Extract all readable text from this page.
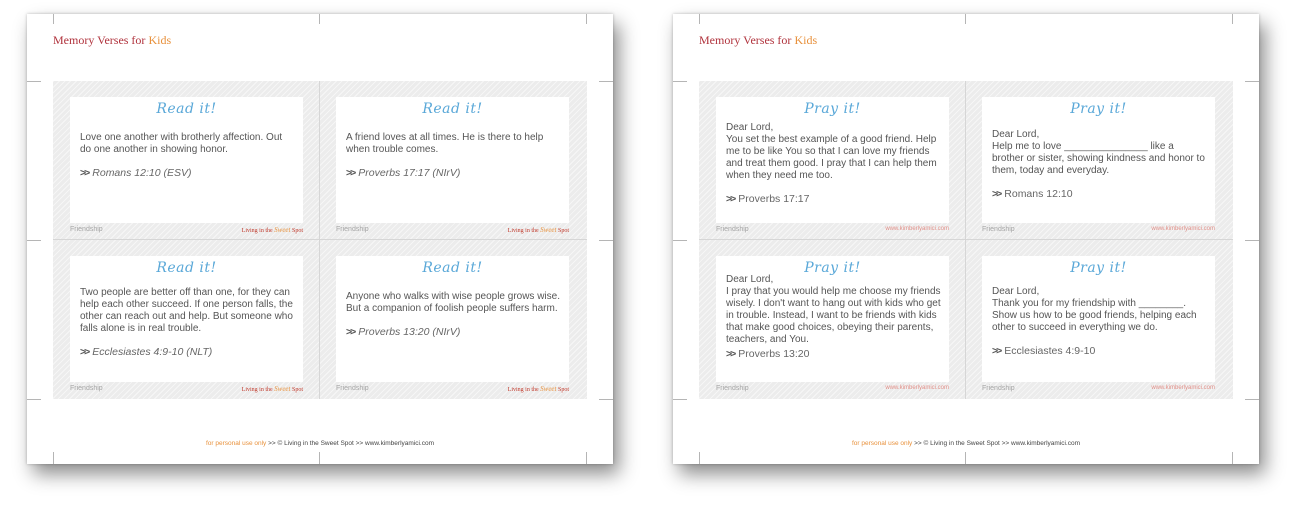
Memory Verses for Kids
Read it!
Love one another with brotherly affection. Out do one another in showing honor.
>> Romans 12:10 (ESV)
Friendship	Living in the Sweet Spot
Read it!
A friend loves at all times. He is there to help when trouble comes.
>> Proverbs 17:17 (NIrV)
Friendship	Living in the Sweet Spot
Read it!
Two people are better off than one, for they can help each other succeed. If one person falls, the other can reach out and help. But someone who falls alone is in real trouble.
>> Ecclesiastes 4:9-10 (NLT)
Friendship	Living in the Sweet Spot
Read it!
Anyone who walks with wise people grows wise. But a companion of foolish people suffers harm.
>> Proverbs 13:20 (NIrV)
Friendship	Living in the Sweet Spot
for personal use only >> © Living in the Sweet Spot >> www.kimberlyamici.com
Memory Verses for Kids
Pray it!
Dear Lord,
You set the best example of a good friend. Help me to be like You so that I can love my friends and treat them good. I pray that I can help them when they need me too.
>> Proverbs 17:17
Friendship	www.kimberlyamici.com
Pray it!
Dear Lord,
Help me to love _______________ like a brother or sister, showing kindness and honor to them, today and everyday.
>> Romans 12:10
Friendship	www.kimberlyamici.com
Pray it!
Dear Lord,
I pray that you would help me choose my friends wisely. I don't want to hang out with kids who get in trouble. Instead, I want to be friends with kids that make good choices, obeying their parents, teachers, and You.
>> Proverbs 13:20
Friendship	www.kimberlyamici.com
Pray it!
Dear Lord,
Thank you for my friendship with ________. Show us how to be good friends, helping each other to succeed in everything we do.
>> Ecclesiastes 4:9-10
Friendship	www.kimberlyamici.com
for personal use only >> © Living in the Sweet Spot >> www.kimberlyamici.com
